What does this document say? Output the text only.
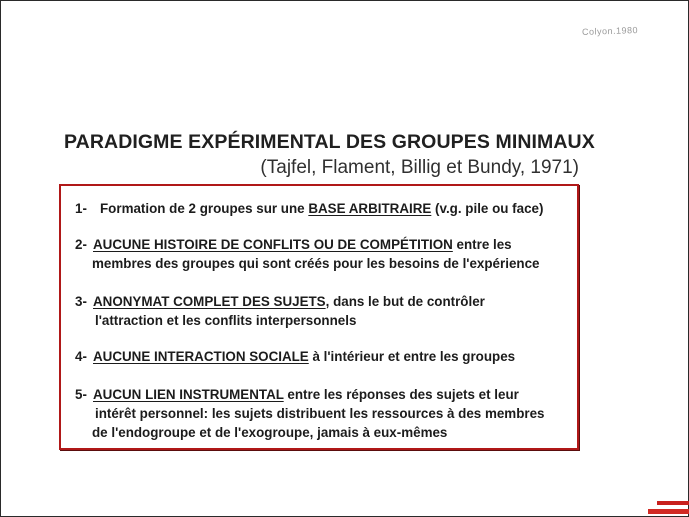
Colyon.1980
PARADIGME EXPÉRIMENTAL DES GROUPES MINIMAUX
(Tajfel, Flament, Billig et Bundy, 1971)
1- Formation de 2 groupes sur une BASE ARBITRAIRE (v.g. pile ou face)
2- AUCUNE HISTOIRE DE CONFLITS OU DE COMPÉTITION entre les
membres des groupes qui sont créés pour les besoins de l'expérience
3- ANONYMAT COMPLET DES SUJETS, dans le but de contrôler
l'attraction et les conflits interpersonnels
4- AUCUNE INTERACTION SOCIALE à l'intérieur et entre les groupes
5- AUCUN LIEN INSTRUMENTAL entre les réponses des sujets et leur
intérêt personnel: les sujets distribuent les ressources à des membres
de l'endogroupe et de l'exogroupe, jamais à eux-mêmes
